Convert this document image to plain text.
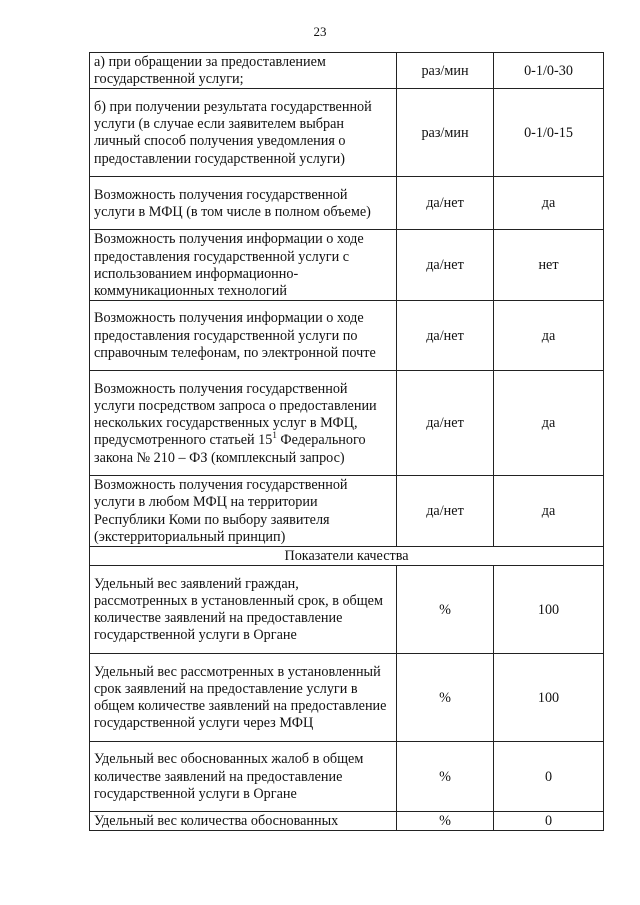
23
а) при обращении за предоставлением государственной услуги;	раз/мин	0-1/0-30
б) при получении результата государственной услуги (в случае если заявителем выбран личный способ получения уведомления о предоставлении государственной услуги)	раз/мин	0-1/0-15
Возможность получения государственной услуги в МФЦ (в том числе в полном объеме)	да/нет	да
Возможность получения информации о ходе предоставления государственной услуги с использованием информационно-коммуникационных технологий	да/нет	нет
Возможность получения информации о ходе предоставления государственной услуги по справочным телефонам, по электронной почте	да/нет	да
Возможность получения государственной услуги посредством запроса о предоставлении нескольких государственных услуг в МФЦ, предусмотренного статьей $15^1$ Федерального закона № 210 – ФЗ (комплексный запрос)	да/нет	да
Возможность получения государственной услуги в любом МФЦ на территории Республики Коми по выбору заявителя (экстерриториальный принцип)	да/нет	да
Показатели качества		
Удельный вес заявлений граждан, рассмотренных в установленный срок, в общем количестве заявлений на предоставление государственной услуги в Органе	%	100
Удельный вес рассмотренных в установленный срок заявлений на предоставление услуги в общем количестве заявлений на предоставление государственной услуги через МФЦ	%	100
Удельный вес обоснованных жалоб в общем количестве заявлений на предоставление государственной услуги в Органе	%	0
Удельный вес количества обоснованных	%	0
